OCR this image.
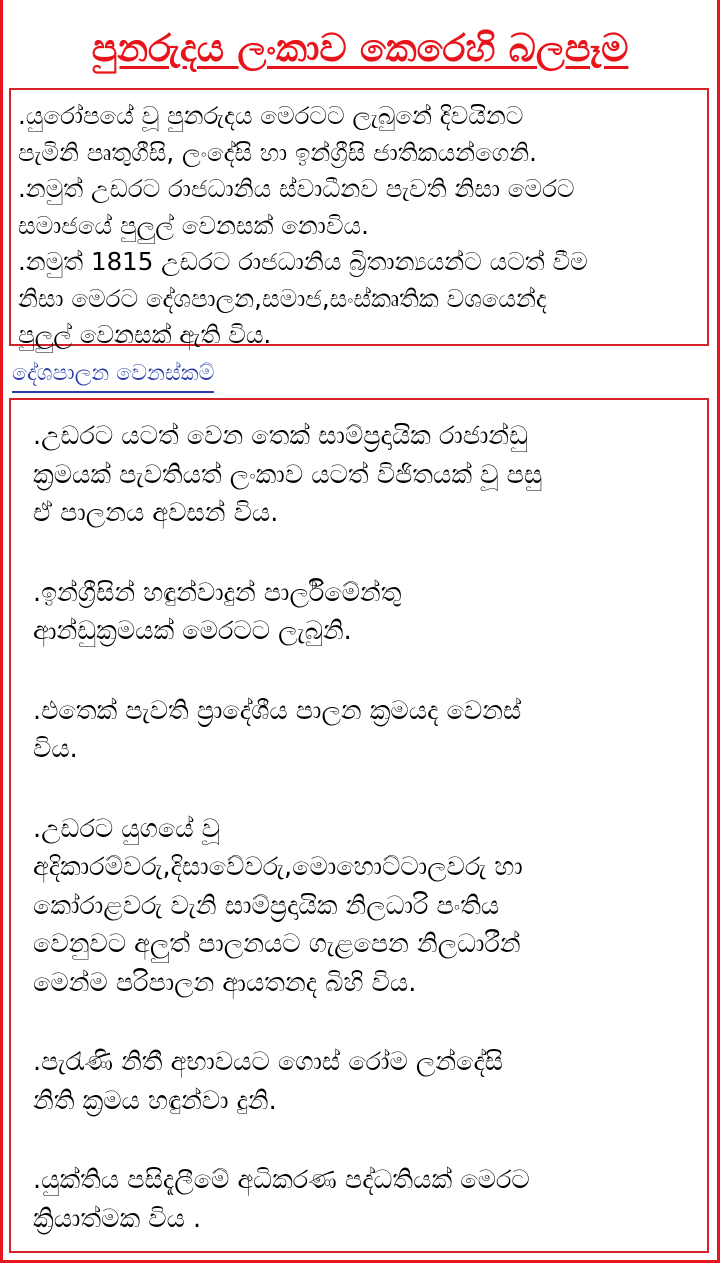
පුනරුදය ලංකාව කෙරෙහි බලපෑම
.යුරෝපයේ වූ පුනරුදය මෙරටට ලැබුනේ දිවයිනට
පැමිනි පෘතුගීසි, ලංදේසි හා ඉන්ග්‍රීසි ජාතිකයන්ගෙනි.
.නමුත් උඩරට රාජධානිය ස්වාධීනව පැවති නිසා මෙරට
සමාජයේ පුලුල් වෙනසක් නොවිය.
.නමුත් 1815 උඩරට රාජධානිය බ්‍රිතාන්‍යයන්ට යටත් වීම
නිසා මෙරට දේශපාලන,සමාජ,සංස්කෘතික වශයෙන්ද
පුලුල් වෙනසක් ඇති විය.
දේශපාලන වෙනස්කම්
.උඩරට යටත් වෙන තෙක් සාම්ප්‍රදායික රාජාන්ඩු
ක්‍රමයක් පැවතියත් ලංකාව යටත් විජිතයක් වූ පසු
ඒ පාලනය අවසන් විය.
.ඉන්ග්‍රීසින් හඳුන්වාදුන් පාර්ලිමේන්තු
ආන්ඩුක්‍රමයක් මෙරටට ලැබුනි.
.එතෙක් පැවති ප්‍රාදේශීය පාලන ක්‍රමයද වෙනස්
විය.
.උඩරට යුගයේ වූ
අදිකාරම්වරු,දිසාවේවරු,මොහොට්ටාලවරු හා
කෝරාළවරු වැනි සාම්ප්‍රදායික නිලධාරි පංතිය
වෙනුවට අලුත් පාලනයට ගැළපෙන නිලධාරීන්
මෙන්ම පරිපාලන ආයතනද බිහි විය.
.පැරැණි නිතී අභාවයට ගොස් රෝම ලන්දේසි
නිති ක්‍රමය හඳුන්වා දුනි.
.යුක්තිය පසිදැලීමේ අධිකරණ පද්ධතියක් මෙරට
ක්‍රියාත්මක විය .
